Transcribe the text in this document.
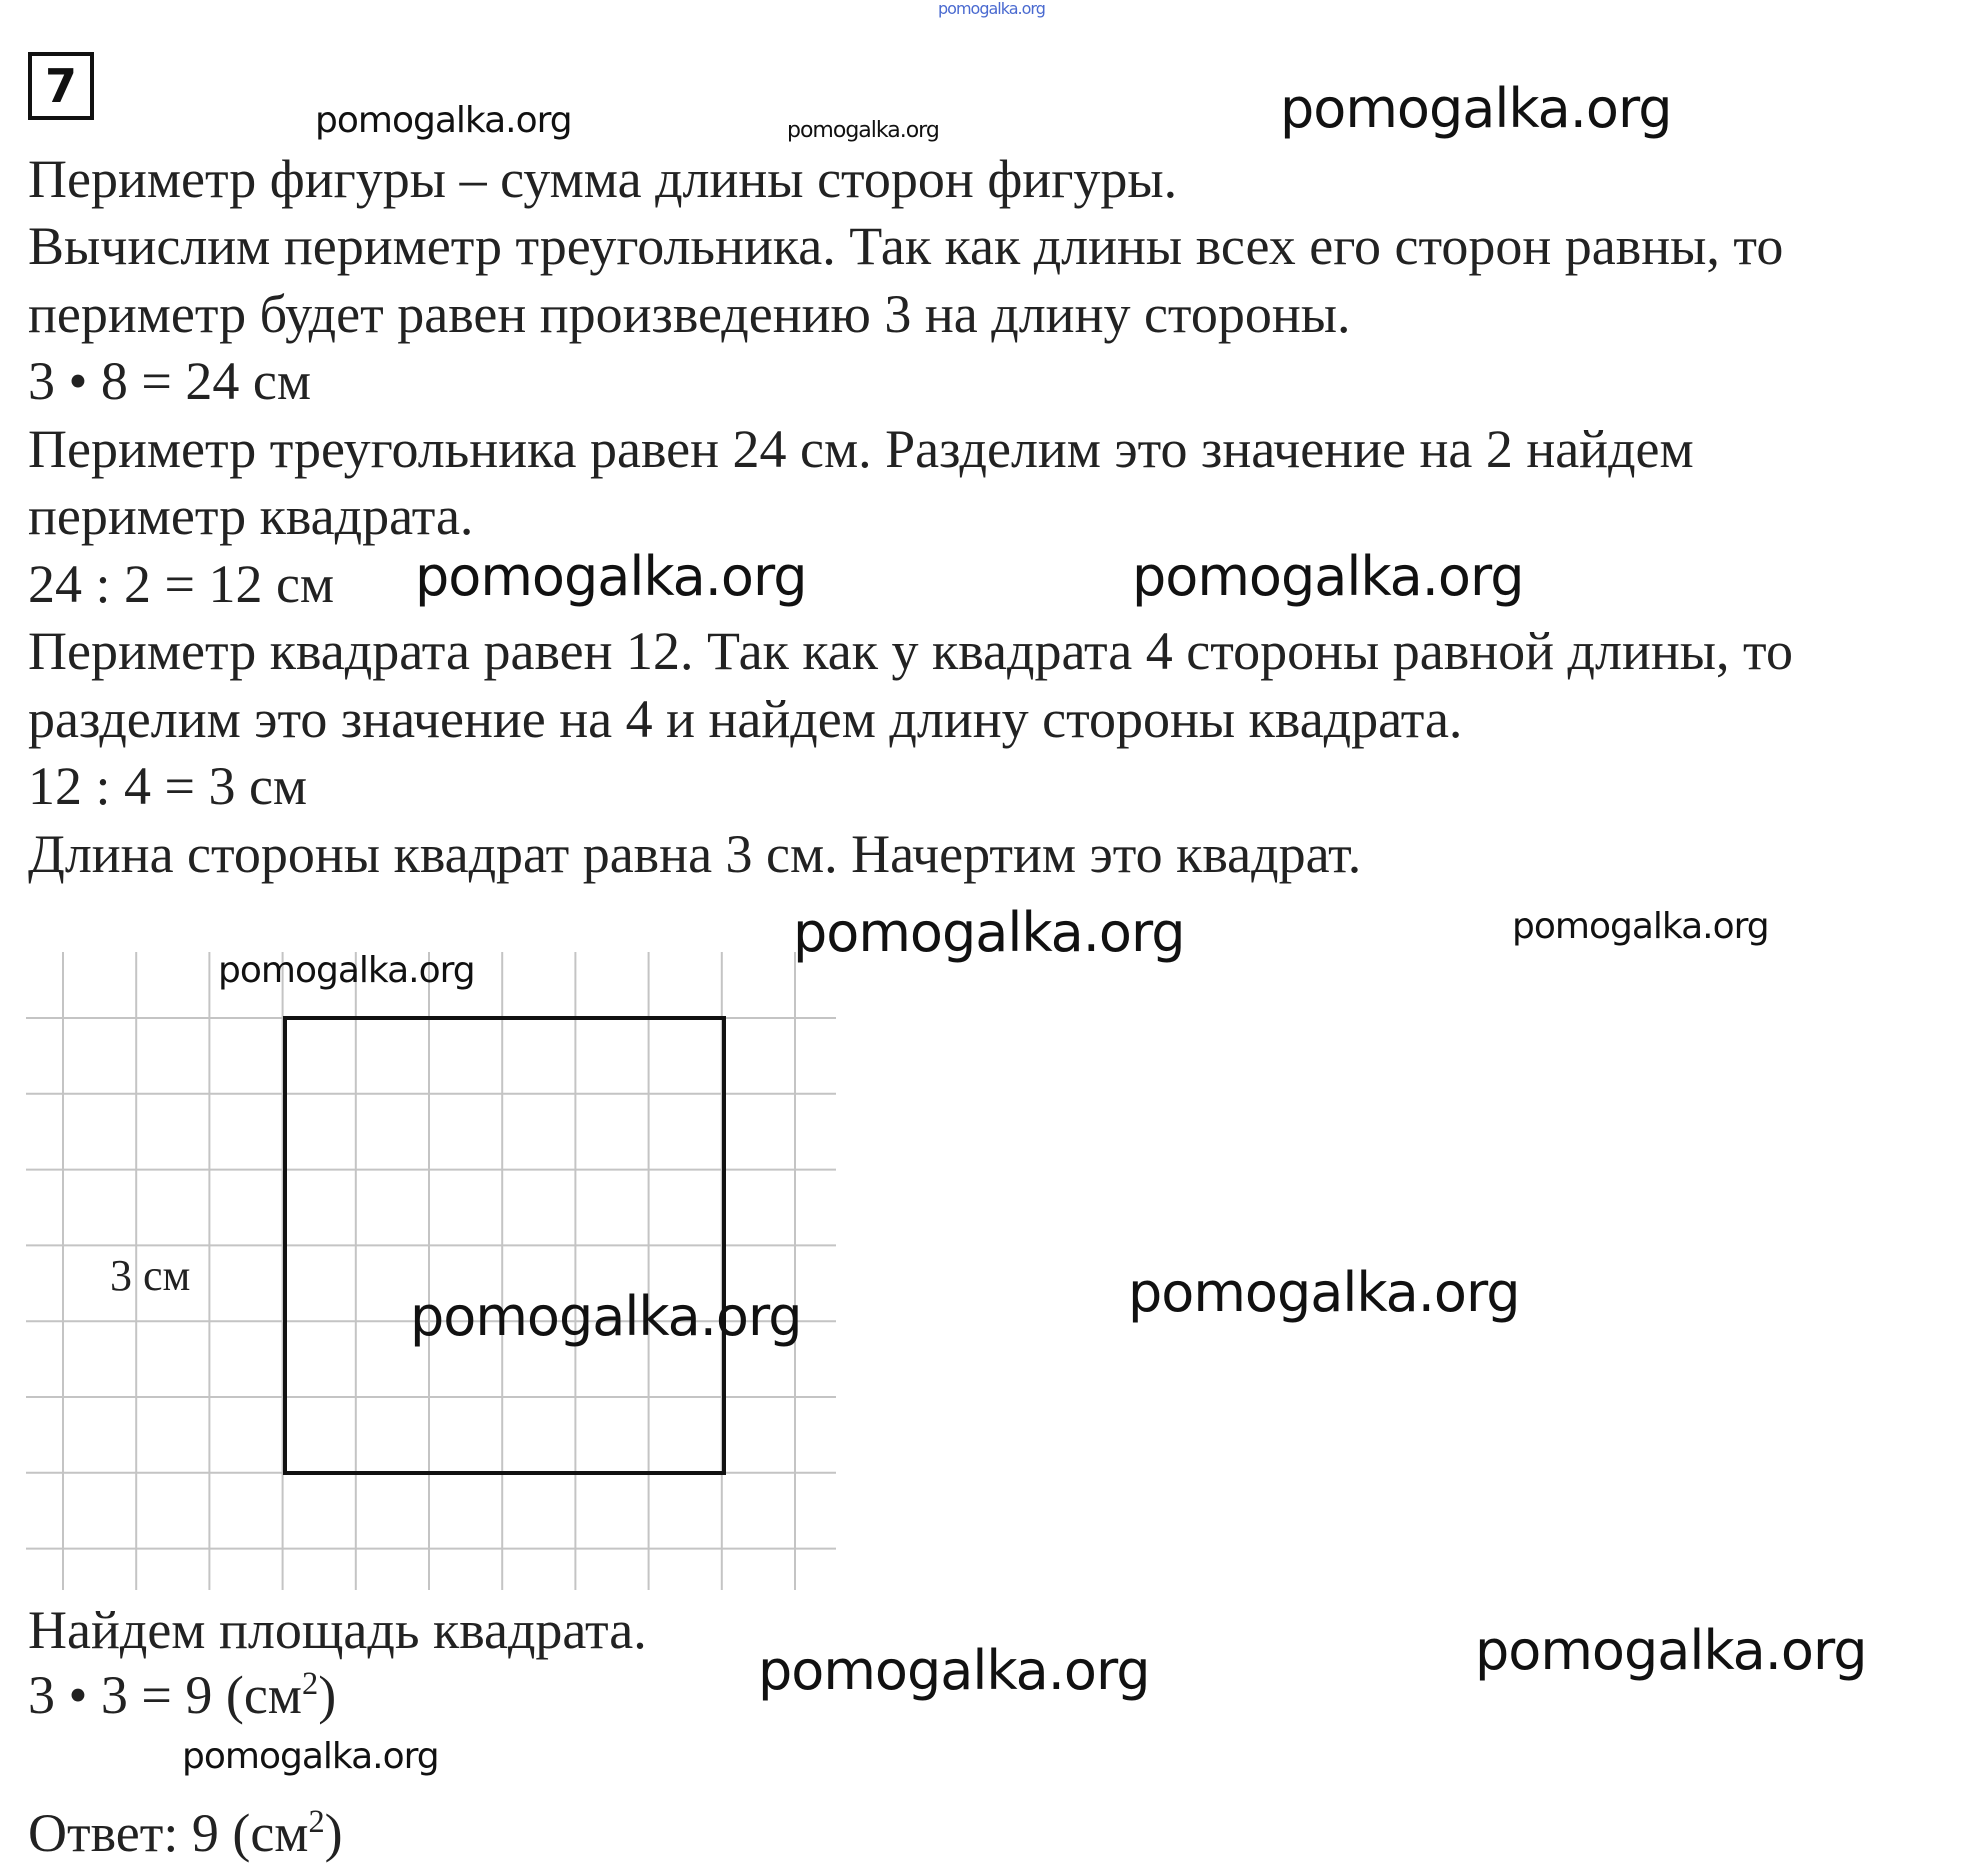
pomogalka.org
7
Периметр фигуры – сумма длины сторон фигуры.
Вычислим периметр треугольника. Так как длины всех его сторон равны, то
периметр будет равен произведению 3 на длину стороны.
3 • 8 = 24 см
Периметр треугольника равен 24 см. Разделим это значение на 2 найдем
периметр квадрата.
24 : 2 = 12 см
Периметр квадрата равен 12. Так как у квадрата 4 стороны равной длины, то
разделим это значение на 4 и найдем длину стороны квадрата.
12 : 4 = 3 см
Длина стороны квадрат равна 3 см. Начертим это квадрат.
3 см
Найдем площадь квадрата.
3 • 3 = 9 $(см^2)$
Ответ: 9 $(см^2)$
pomogalka.org	pomogalka.org	pomogalka.org
pomogalka.org	pomogalka.org
pomogalka.org	pomogalka.org
pomogalka.org
pomogalka.org	pomogalka.org
pomogalka.org	pomogalka.org
pomogalka.org
